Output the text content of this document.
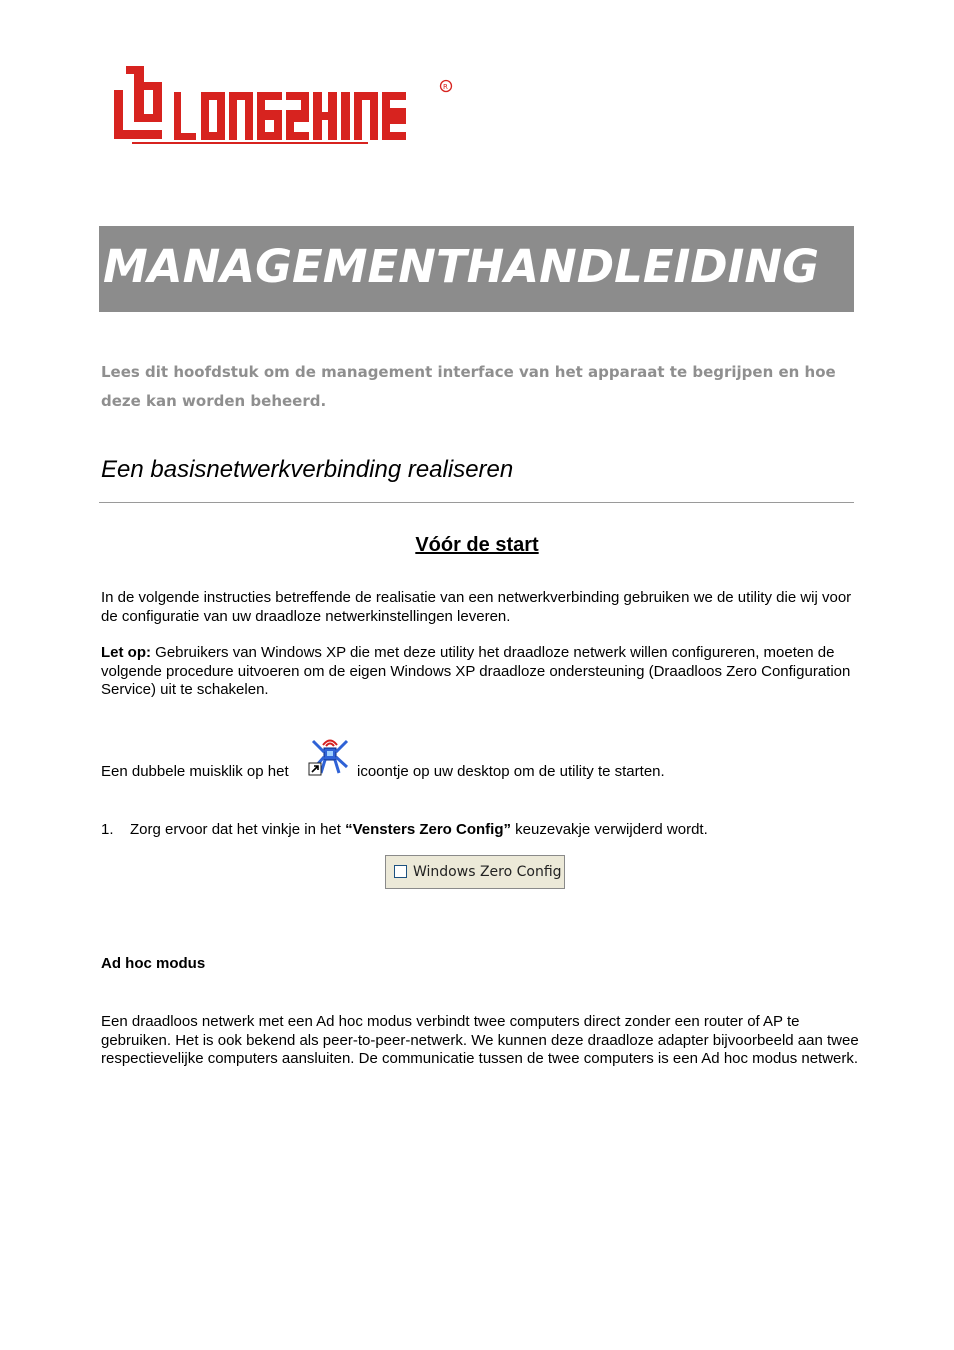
R
MANAGEMENTHANDLEIDING
Lees dit hoofdstuk om de management interface van het apparaat te begrijpen en hoe deze kan worden beheerd.
Een basisnetwerkverbinding realiseren
Vóór de start
In de volgende instructies betreffende de realisatie van een netwerkverbinding gebruiken we de utility die wij voor de configuratie van uw draadloze netwerkinstellingen leveren.
Let op: Gebruikers van Windows XP die met deze utility het draadloze netwerk willen configureren, moeten de volgende procedure uitvoeren om de eigen Windows XP draadloze ondersteuning (Draadloos Zero Configuration Service) uit te schakelen.
Een dubbele muisklik op het	icoontje op uw desktop om de utility te starten.
1. Zorg ervoor dat het vinkje in het “Vensters Zero Config” keuzevakje verwijderd wordt.
Windows Zero Config
Ad hoc modus
Een draadloos netwerk met een Ad hoc modus verbindt twee computers direct zonder een router of AP te gebruiken. Het is ook bekend als peer-to-peer-netwerk. We kunnen deze draadloze adapter bijvoorbeeld aan twee respectievelijke computers aansluiten. De communicatie tussen de twee computers is een Ad hoc modus netwerk.
